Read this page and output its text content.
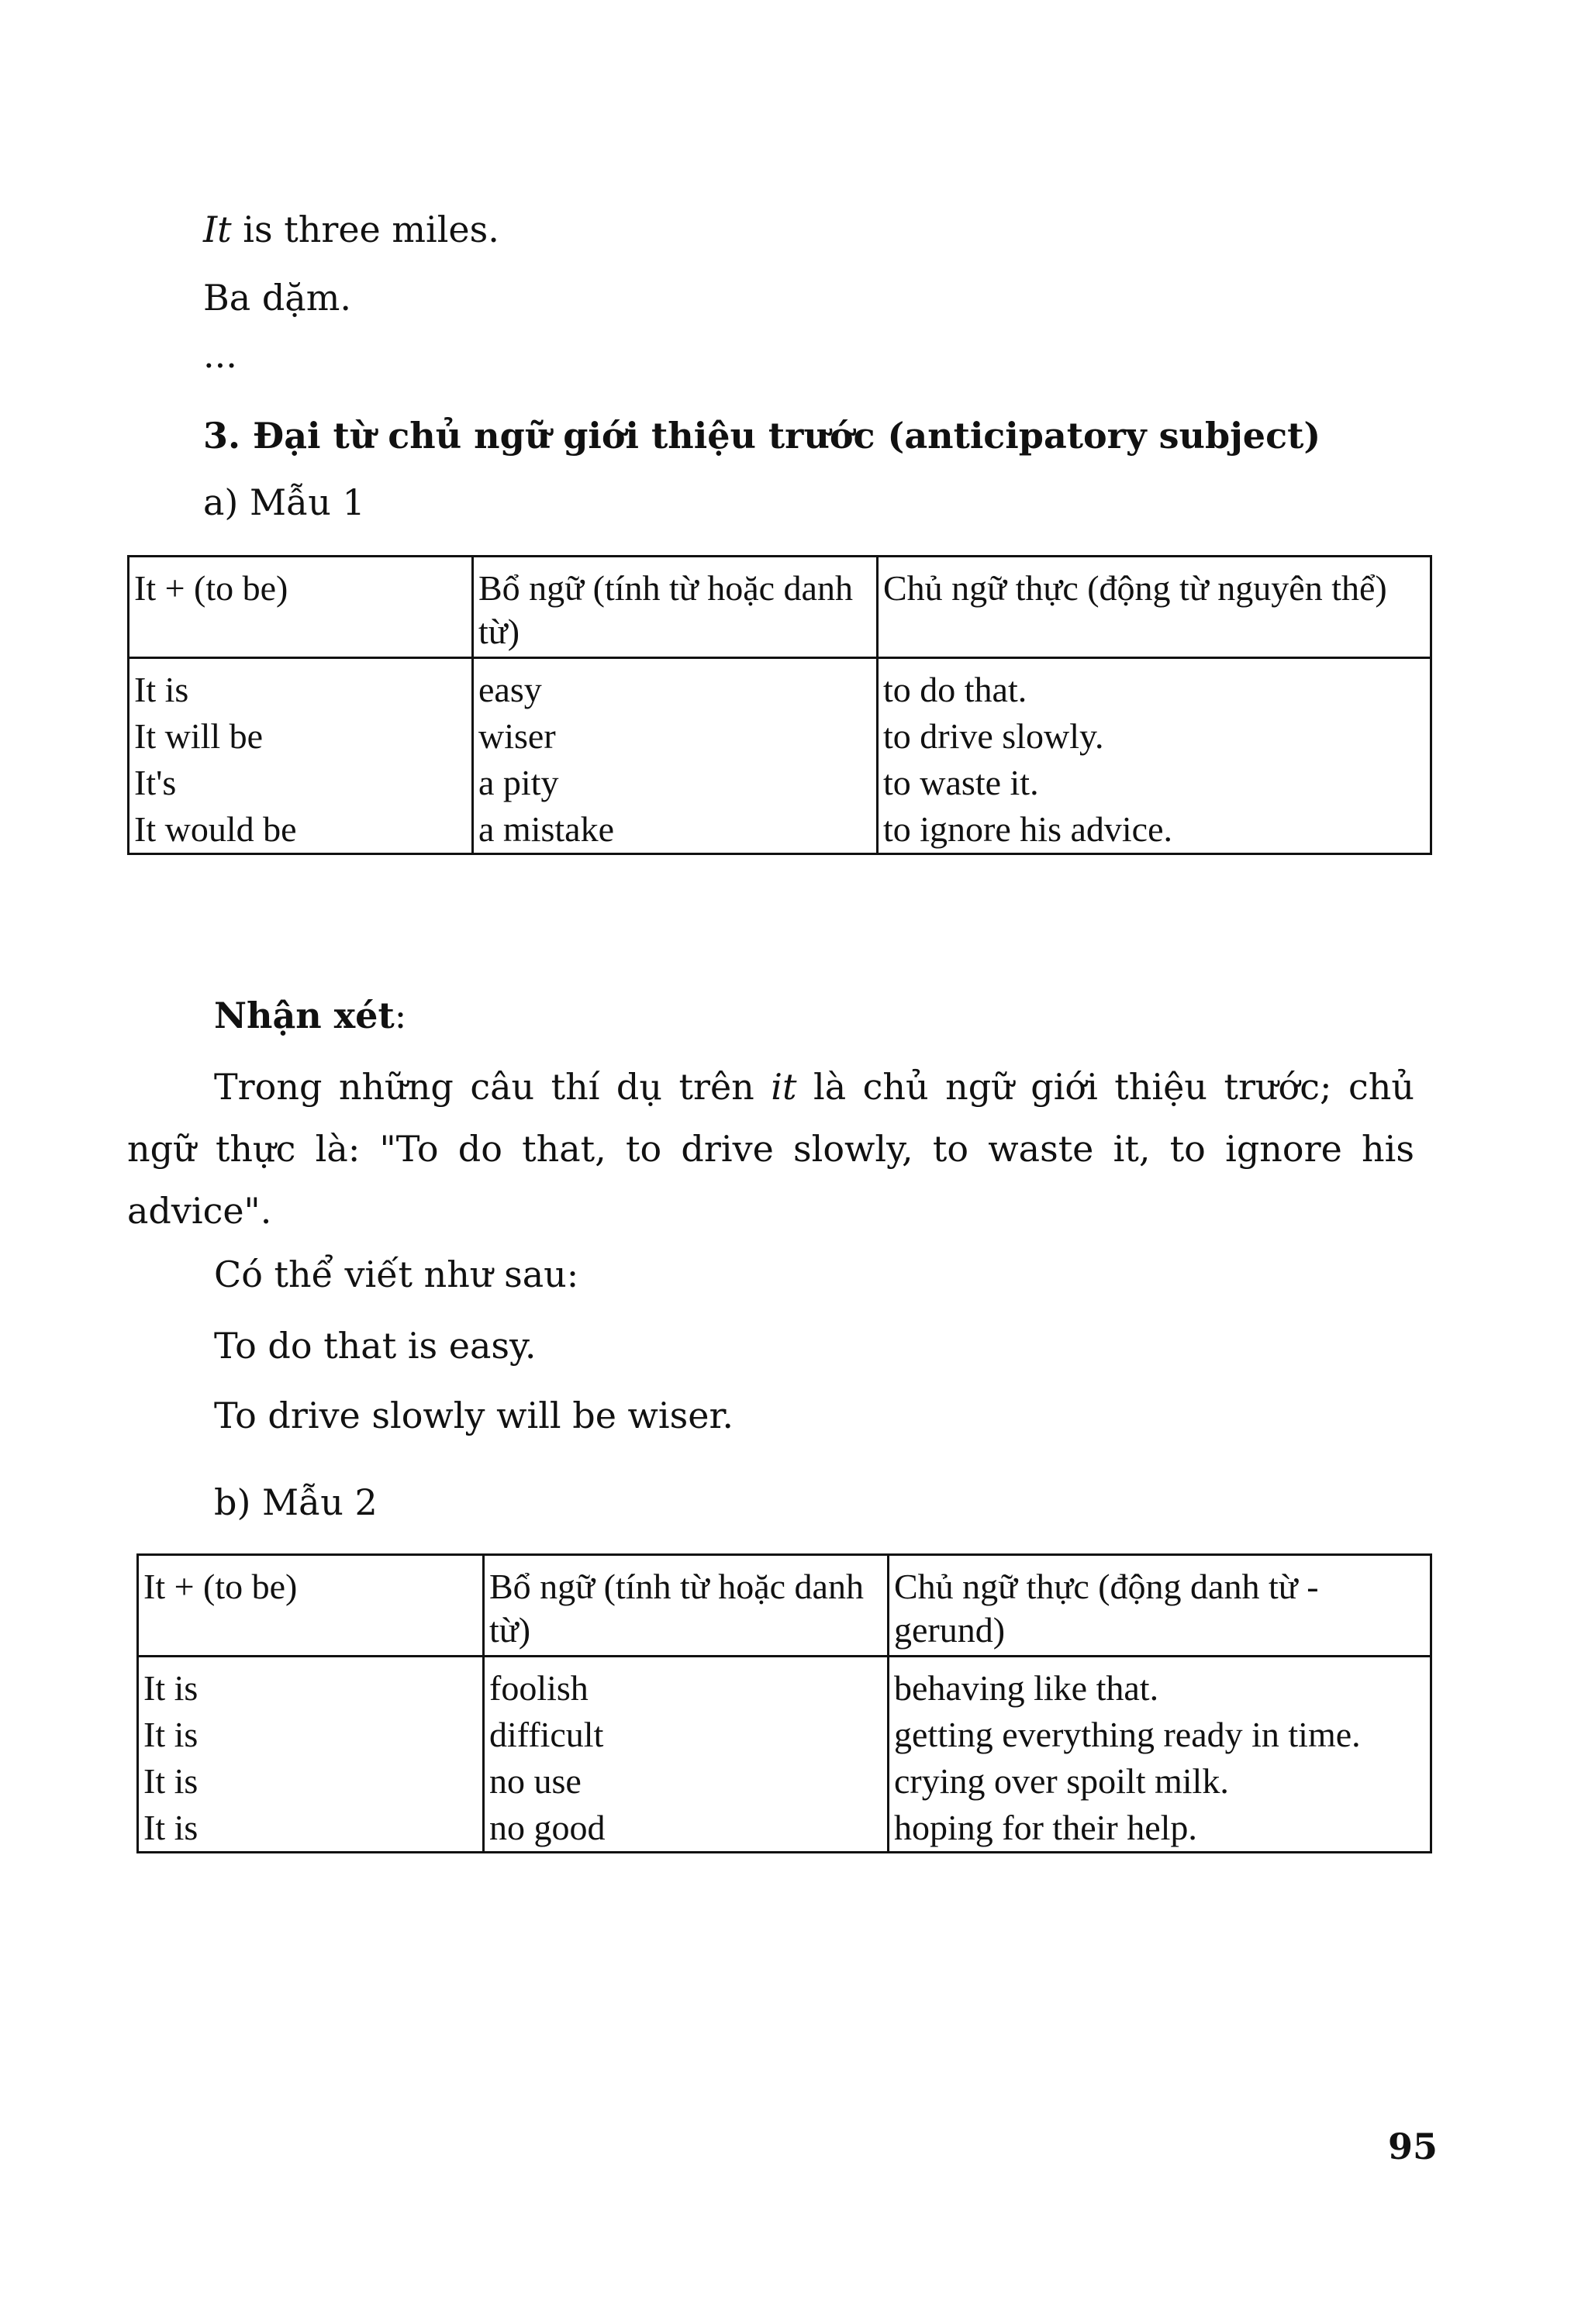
It is three miles.
Ba dặm.
...
3. Đại từ chủ ngữ giới thiệu trước (anticipatory subject)
a) Mẫu 1
It + (to be)	Bổ ngữ (tính từ hoặc danh từ)	Chủ ngữ thực (động từ nguyên thể)
It is	easy	to do that.
It will be	wiser	to drive slowly.
It's	a pity	to waste it.
It would be	a mistake	to ignore his advice.
Nhận xét:
Trong những câu thí dụ trên it là chủ ngữ giới thiệu trước; chủ ngữ thực là: "To do that, to drive slowly, to waste it, to ignore his advice".
Có thể viết như sau:
To do that is easy.
To drive slowly will be wiser.
b) Mẫu 2
It + (to be)	Bổ ngữ (tính từ hoặc danh từ)	Chủ ngữ thực (động danh từ - gerund)
It is	foolish	behaving like that.
It is	difficult	getting everything ready in time.
It is	no use	crying over spoilt milk.
It is	no good	hoping for their help.
95
